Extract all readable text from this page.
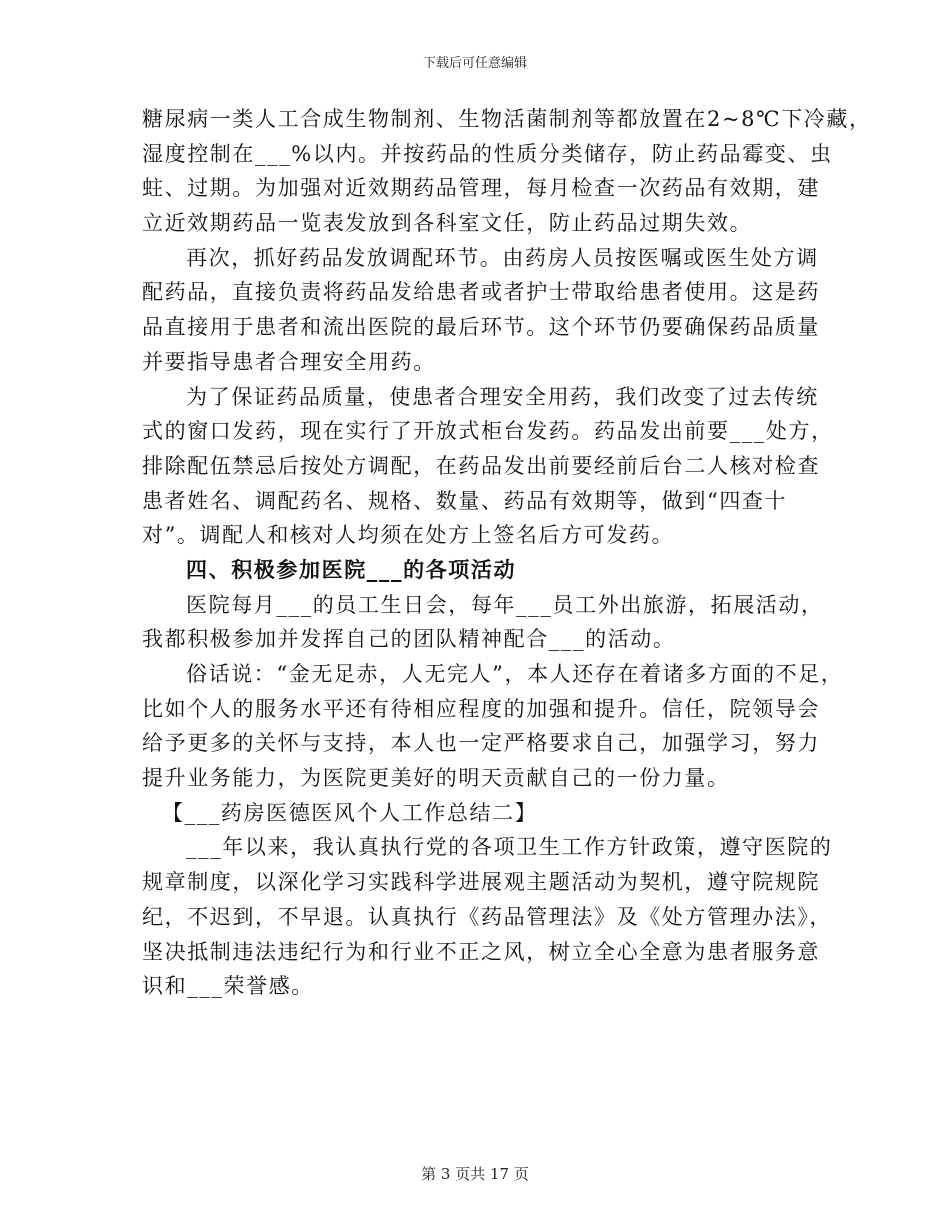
下载后可任意编辑
糖尿病一类人工合成生物制剂、生物活菌制剂等都放置在2~8℃下冷藏，
湿度控制在___%以内。并按药品的性质分类储存，防止药品霉变、虫
蛀、过期。为加强对近效期药品管理，每月检查一次药品有效期，建
立近效期药品一览表发放到各科室文任，防止药品过期失效。
再次，抓好药品发放调配环节。由药房人员按医嘱或医生处方调
配药品，直接负责将药品发给患者或者护士带取给患者使用。这是药
品直接用于患者和流出医院的最后环节。这个环节仍要确保药品质量
并要指导患者合理安全用药。
为了保证药品质量，使患者合理安全用药，我们改变了过去传统
式的窗口发药，现在实行了开放式柜台发药。药品发出前要___处方，
排除配伍禁忌后按处方调配，在药品发出前要经前后台二人核对检查
患者姓名、调配药名、规格、数量、药品有效期等，做到“四查十
对”。调配人和核对人均须在处方上签名后方可发药。
四、积极参加医院___的各项活动
医院每月___的员工生日会，每年___员工外出旅游，拓展活动，
我都积极参加并发挥自己的团队精神配合___的活动。
俗话说：“金无足赤，人无完人”，本人还存在着诸多方面的不足，
比如个人的服务水平还有待相应程度的加强和提升。信任，院领导会
给予更多的关怀与支持，本人也一定严格要求自己，加强学习，努力
提升业务能力，为医院更美好的明天贡献自己的一份力量。
【___药房医德医风个人工作总结二】
___年以来，我认真执行党的各项卫生工作方针政策，遵守医院的
规章制度，以深化学习实践科学进展观主题活动为契机，遵守院规院
纪，不迟到，不早退。认真执行《药品管理法》及《处方管理办法》，
坚决抵制违法违纪行为和行业不正之风，树立全心全意为患者服务意
识和___荣誉感。
第 3 页共 17 页
